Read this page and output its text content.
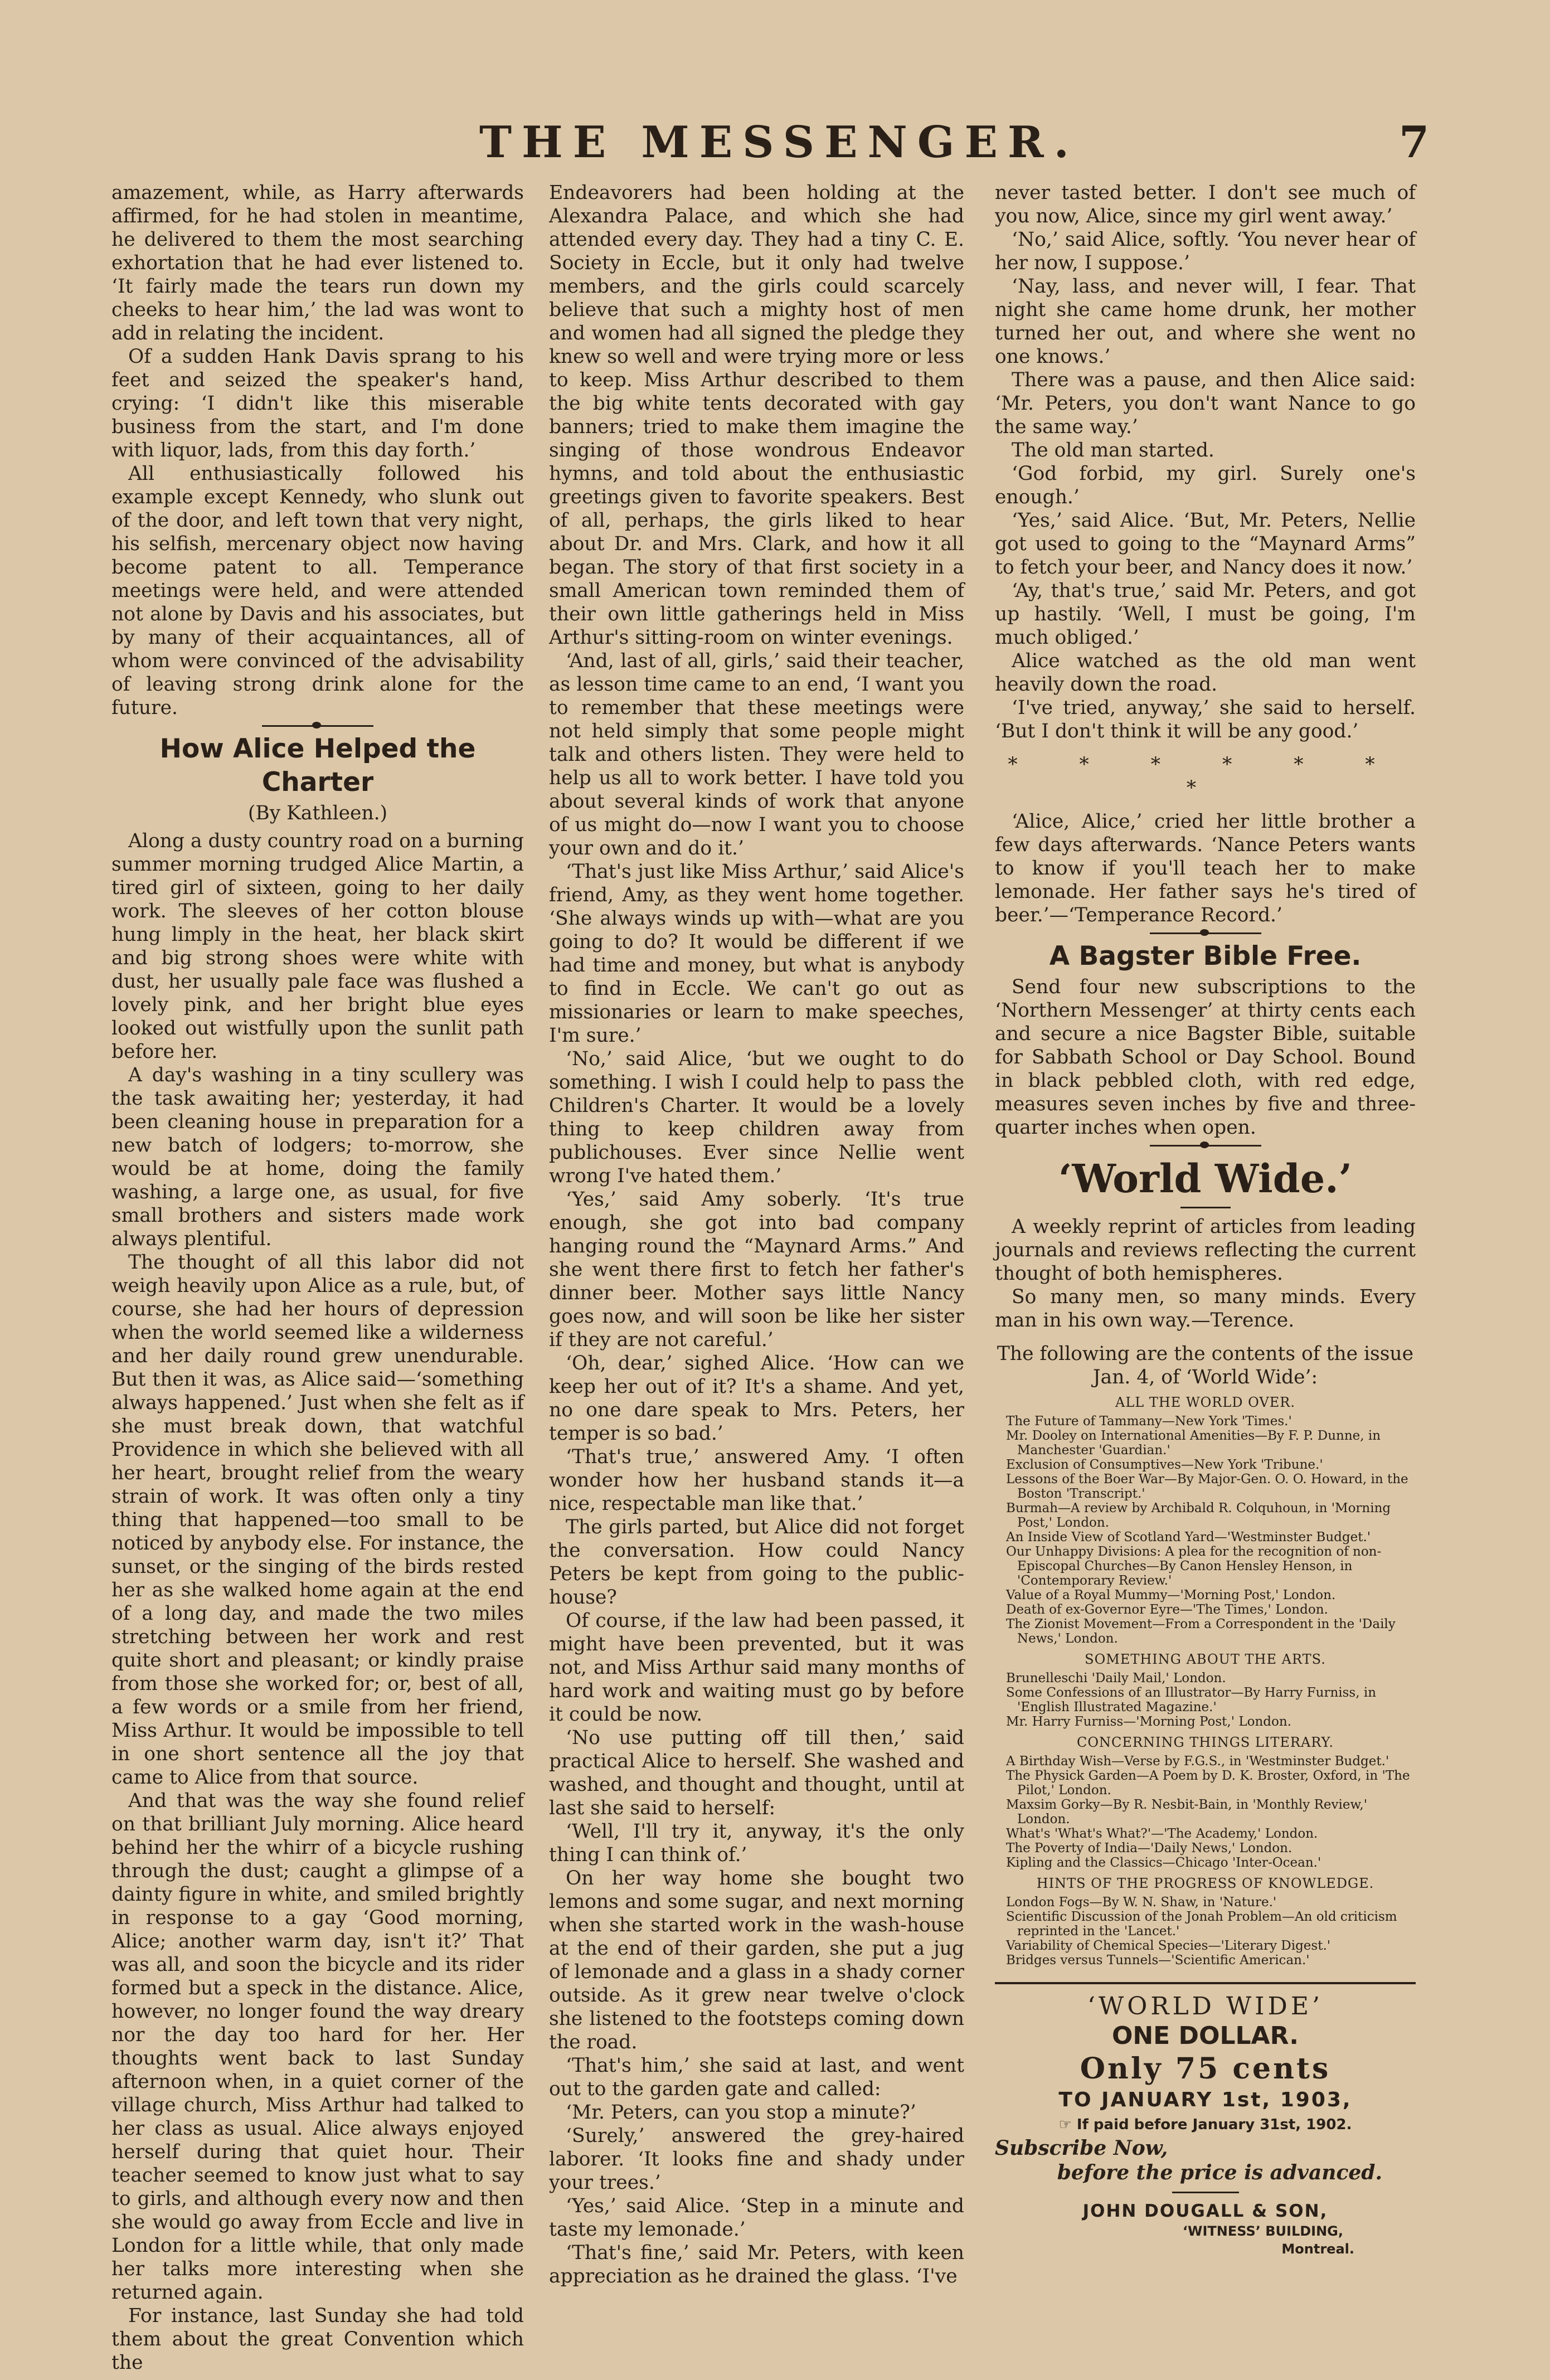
THE MESSENGER.	7

amazement, while, as Harry afterwards affirmed, for he had stolen in meantime, he delivered to them the most searching exhortation that he had ever listened to. ‘It fairly made the tears run down my cheeks to hear him,’ the lad was wont to add in relating the incident.

Of a sudden Hank Davis sprang to his feet and seized the speaker's hand, crying: ‘I didn't like this miserable business from the start, and I'm done with liquor, lads, from this day forth.’

All enthusiastically followed his example except Kennedy, who slunk out of the door, and left town that very night, his selfish, mercenary object now having become patent to all. Temperance meetings were held, and were attended not alone by Davis and his associates, but by many of their acquaintances, all of whom were convinced of the advisability of leaving strong drink alone for the future.

How Alice Helped the Charter
(By Kathleen.)

Along a dusty country road on a burning summer morning trudged Alice Martin, a tired girl of sixteen, going to her daily work. The sleeves of her cotton blouse hung limply in the heat, her black skirt and big strong shoes were white with dust, her usually pale face was flushed a lovely pink, and her bright blue eyes looked out wistfully upon the sunlit path before her.

A day's washing in a tiny scullery was the task awaiting her; yesterday, it had been cleaning house in preparation for a new batch of lodgers; to-morrow, she would be at home, doing the family washing, a large one, as usual, for five small brothers and sisters made work always plentiful.

The thought of all this labor did not weigh heavily upon Alice as a rule, but, of course, she had her hours of depression when the world seemed like a wilderness and her daily round grew unendurable. But then it was, as Alice said—‘something always happened.’ Just when she felt as if she must break down, that watchful Providence in which she believed with all her heart, brought relief from the weary strain of work. It was often only a tiny thing that happened—too small to be noticed by anybody else. For instance, the sunset, or the singing of the birds rested her as she walked home again at the end of a long day, and made the two miles stretching between her work and rest quite short and pleasant; or kindly praise from those she worked for; or, best of all, a few words or a smile from her friend, Miss Arthur. It would be impossible to tell in one short sentence all the joy that came to Alice from that source.

And that was the way she found relief on that brilliant July morning. Alice heard behind her the whirr of a bicycle rushing through the dust; caught a glimpse of a dainty figure in white, and smiled brightly in response to a gay ‘Good morning, Alice; another warm day, isn't it?’ That was all, and soon the bicycle and its rider formed but a speck in the distance. Alice, however, no longer found the way dreary nor the day too hard for her. Her thoughts went back to last Sunday afternoon when, in a quiet corner of the village church, Miss Arthur had talked to her class as usual. Alice always enjoyed herself during that quiet hour. Their teacher seemed to know just what to say to girls, and although every now and then she would go away from Eccle and live in London for a little while, that only made her talks more interesting when she returned again.

For instance, last Sunday she had told them about the great Convention which the

Endeavorers had been holding at the Alexandra Palace, and which she had attended every day. They had a tiny C. E. Society in Eccle, but it only had twelve members, and the girls could scarcely believe that such a mighty host of men and women had all signed the pledge they knew so well and were trying more or less to keep. Miss Arthur described to them the big white tents decorated with gay banners; tried to make them imagine the singing of those wondrous Endeavor hymns, and told about the enthusiastic greetings given to favorite speakers. Best of all, perhaps, the girls liked to hear about Dr. and Mrs. Clark, and how it all began. The story of that first society in a small American town reminded them of their own little gatherings held in Miss Arthur's sitting-room on winter evenings.

‘And, last of all, girls,’ said their teacher, as lesson time came to an end, ‘I want you to remember that these meetings were not held simply that some people might talk and others listen. They were held to help us all to work better. I have told you about several kinds of work that anyone of us might do—now I want you to choose your own and do it.’

‘That's just like Miss Arthur,’ said Alice's friend, Amy, as they went home together. ‘She always winds up with—what are you going to do? It would be different if we had time and money, but what is anybody to find in Eccle. We can't go out as missionaries or learn to make speeches, I'm sure.’

‘No,’ said Alice, ‘but we ought to do something. I wish I could help to pass the Children's Charter. It would be a lovely thing to keep children away from publichouses. Ever since Nellie went wrong I've hated them.’

‘Yes,’ said Amy soberly. ‘It's true enough, she got into bad company hanging round the “Maynard Arms.” And she went there first to fetch her father's dinner beer. Mother says little Nancy goes now, and will soon be like her sister if they are not careful.’

‘Oh, dear,’ sighed Alice. ‘How can we keep her out of it? It's a shame. And yet, no one dare speak to Mrs. Peters, her temper is so bad.’

‘That's true,’ answered Amy. ‘I often wonder how her husband stands it—a nice, respectable man like that.’

The girls parted, but Alice did not forget the conversation. How could Nancy Peters be kept from going to the public-house?

Of course, if the law had been passed, it might have been prevented, but it was not, and Miss Arthur said many months of hard work and waiting must go by before it could be now.

‘No use putting off till then,’ said practical Alice to herself. She washed and washed, and thought and thought, until at last she said to herself:

‘Well, I'll try it, anyway, it's the only thing I can think of.’

On her way home she bought two lemons and some sugar, and next morning when she started work in the wash-house at the end of their garden, she put a jug of lemonade and a glass in a shady corner outside. As it grew near twelve o'clock she listened to the footsteps coming down the road.

‘That's him,’ she said at last, and went out to the garden gate and called:

‘Mr. Peters, can you stop a minute?’

‘Surely,’ answered the grey-haired laborer. ‘It looks fine and shady under your trees.’

‘Yes,’ said Alice. ‘Step in a minute and taste my lemonade.’

‘That's fine,’ said Mr. Peters, with keen appreciation as he drained the glass. ‘I've

never tasted better. I don't see much of you now, Alice, since my girl went away.’

‘No,’ said Alice, softly. ‘You never hear of her now, I suppose.’

‘Nay, lass, and never will, I fear. That night she came home drunk, her mother turned her out, and where she went no one knows.’

There was a pause, and then Alice said: ‘Mr. Peters, you don't want Nance to go the same way.’

The old man started.

‘God forbid, my girl. Surely one's enough.’

‘Yes,’ said Alice. ‘But, Mr. Peters, Nellie got used to going to the “Maynard Arms” to fetch your beer, and Nancy does it now.’

‘Ay, that's true,’ said Mr. Peters, and got up hastily. ‘Well, I must be going, I'm much obliged.’

Alice watched as the old man went heavily down the road.

‘I've tried, anyway,’ she said to herself. ‘But I don't think it will be any good.’

* * * * * * *

‘Alice, Alice,’ cried her little brother a few days afterwards. ‘Nance Peters wants to know if you'll teach her to make lemonade. Her father says he's tired of beer.’—‘Temperance Record.’

A Bagster Bible Free.

Send four new subscriptions to the ‘Northern Messenger’ at thirty cents each and secure a nice Bagster Bible, suitable for Sabbath School or Day School. Bound in black pebbled cloth, with red edge, measures seven inches by five and three-quarter inches when open.

‘World Wide.’

A weekly reprint of articles from leading journals and reviews reflecting the current thought of both hemispheres.

So many men, so many minds. Every man in his own way.—Terence.

The following are the contents of the issue Jan. 4, of ‘World Wide’:
ALL THE WORLD OVER.
The Future of Tammany—New York 'Times.'
Mr. Dooley on International Amenities—By F. P. Dunne, in Manchester 'Guardian.'
Exclusion of Consumptives—New York 'Tribune.'
Lessons of the Boer War—By Major-Gen. O. O. Howard, in the Boston 'Transcript.'
Burmah—A review by Archibald R. Colquhoun, in 'Morning Post,' London.
An Inside View of Scotland Yard—'Westminster Budget.'
Our Unhappy Divisions: A plea for the recognition of non-Episcopal Churches—By Canon Hensley Henson, in 'Contemporary Review.'
Value of a Royal Mummy—'Morning Post,' London.
Death of ex-Governor Eyre—'The Times,' London.
The Zionist Movement—From a Correspondent in the 'Daily News,' London.
SOMETHING ABOUT THE ARTS.
Brunelleschi 'Daily Mail,' London.
Some Confessions of an Illustrator—By Harry Furniss, in 'English Illustrated Magazine.'
Mr. Harry Furniss—'Morning Post,' London.
CONCERNING THINGS LITERARY.
A Birthday Wish—Verse by F.G.S., in 'Westminster Budget.'
The Physick Garden—A Poem by D. K. Broster, Oxford, in 'The Pilot,' London.
Maxsim Gorky—By R. Nesbit-Bain, in 'Monthly Review,' London.
What's 'What's What?'—'The Academy,' London.
The Poverty of India—'Daily News,' London.
Kipling and the Classics—Chicago 'Inter-Ocean.'
HINTS OF THE PROGRESS OF KNOWLEDGE.
London Fogs—By W. N. Shaw, in 'Nature.'
Scientific Discussion of the Jonah Problem—An old criticism reprinted in the 'Lancet.'
Variability of Chemical Species—'Literary Digest.'
Bridges versus Tunnels—'Scientific American.'
‘WORLD WIDE’
ONE DOLLAR.
Only 75 cents
TO JANUARY 1st, 1903,
☞ If paid before January 31st, 1902.
Subscribe Now,
before the price is advanced.
JOHN DOUGALL & SON,
‘WITNESS’ BUILDING,
Montreal.
